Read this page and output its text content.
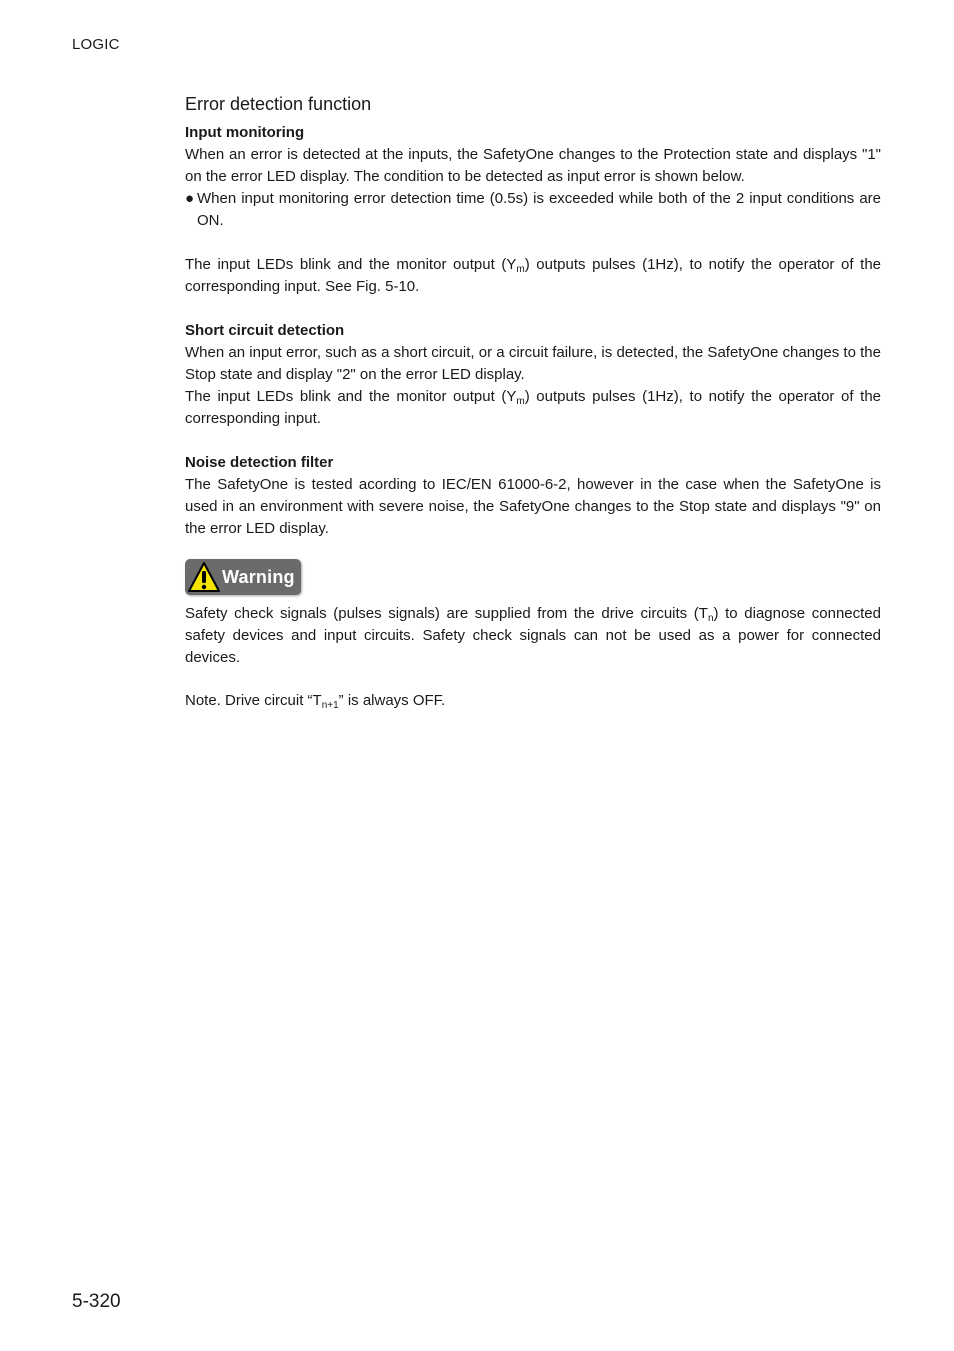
LOGIC
Error detection function
Input monitoring

When an error is detected at the inputs, the SafetyOne changes to the Protection state and displays "1" on the error LED display. The condition to be detected as input error is shown below.

● When input monitoring error detection time (0.5s) is exceeded while both of the 2 input conditions are ON.

The input LEDs blink and the monitor output $(Y_m)$ outputs pulses (1Hz), to notify the operator of the corresponding input. See Fig. 5-10.

Short circuit detection

When an input error, such as a short circuit, or a circuit failure, is detected, the SafetyOne changes to the Stop state and display "2" on the error LED display.

The input LEDs blink and the monitor output $(Y_m)$ outputs pulses (1Hz), to notify the operator of the corresponding input.

Noise detection filter

The SafetyOne is tested acording to IEC/EN 61000-6-2, however in the case when the SafetyOne is used in an environment with severe noise, the SafetyOne changes to the Stop state and displays "9" on the error LED display.

Warning

Safety check signals (pulses signals) are supplied from the drive circuits $(T_n)$ to diagnose connected safety devices and input circuits. Safety check signals can not be used as a power for connected devices.

Note. Drive circuit “$T_{n+1}$” is always OFF.

5-320
